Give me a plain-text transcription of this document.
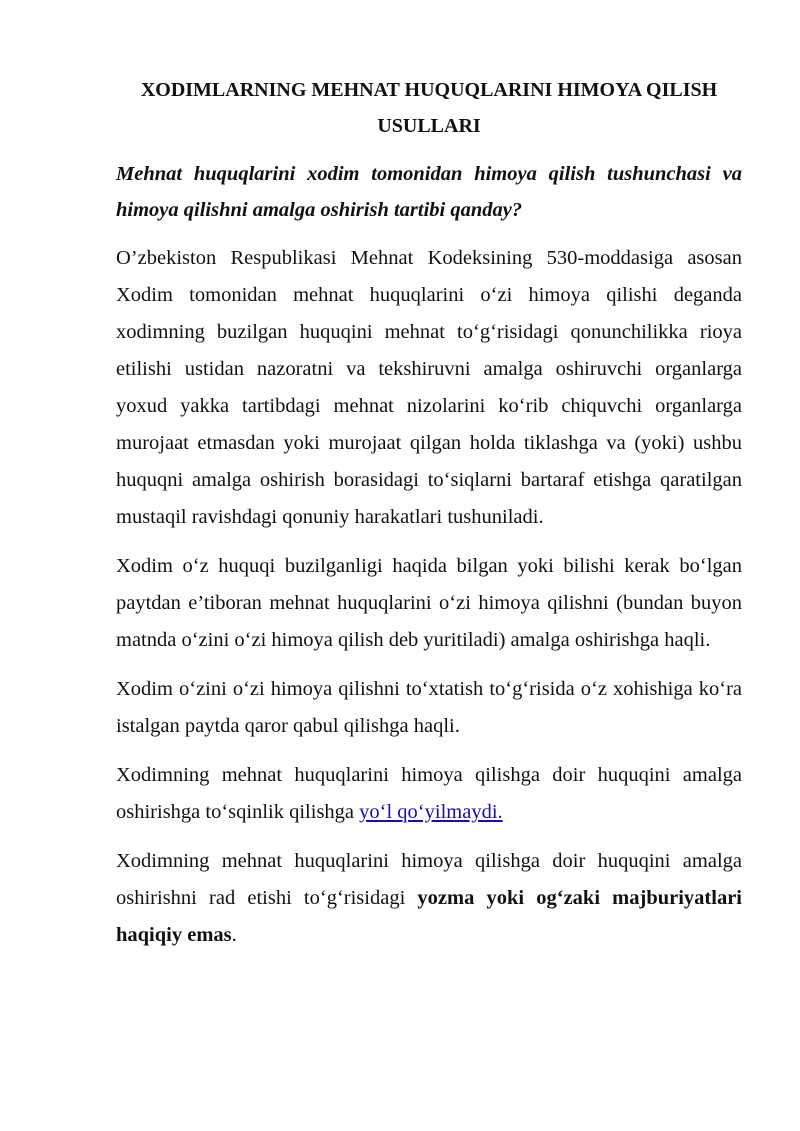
XODIMLARNING MEHNAT HUQUQLARINI HIMOYA QILISH USULLARI
Mehnat huquqlarini xodim tomonidan himoya qilish tushunchasi va himoya qilishni amalga oshirish tartibi qanday?

O’zbekiston Respublikasi Mehnat Kodeksining 530-moddasiga asosan Xodim tomonidan mehnat huquqlarini o‘zi himoya qilishi deganda xodimning buzilgan huquqini mehnat to‘g‘risidagi qonunchilikka rioya etilishi ustidan nazoratni va tekshiruvni amalga oshiruvchi organlarga yoxud yakka tartibdagi mehnat nizolarini ko‘rib chiquvchi organlarga murojaat etmasdan yoki murojaat qilgan holda tiklashga va (yoki) ushbu huquqni amalga oshirish borasidagi to‘siqlarni bartaraf etishga qaratilgan mustaqil ravishdagi qonuniy harakatlari tushuniladi.

Xodim o‘z huquqi buzilganligi haqida bilgan yoki bilishi kerak bo‘lgan paytdan e’tiboran mehnat huquqlarini o‘zi himoya qilishni (bundan buyon matnda o‘zini o‘zi himoya qilish deb yuritiladi) amalga oshirishga haqli.

Xodim o‘zini o‘zi himoya qilishni to‘xtatish to‘g‘risida o‘z xohishiga ko‘ra istalgan paytda qaror qabul qilishga haqli.

Xodimning mehnat huquqlarini himoya qilishga doir huquqini amalga oshirishga to‘sqinlik qilishga yo‘l qo‘yilmaydi.

Xodimning mehnat huquqlarini himoya qilishga doir huquqini amalga oshirishni rad etishi to‘g‘risidagi yozma yoki og‘zaki majburiyatlari haqiqiy emas.
